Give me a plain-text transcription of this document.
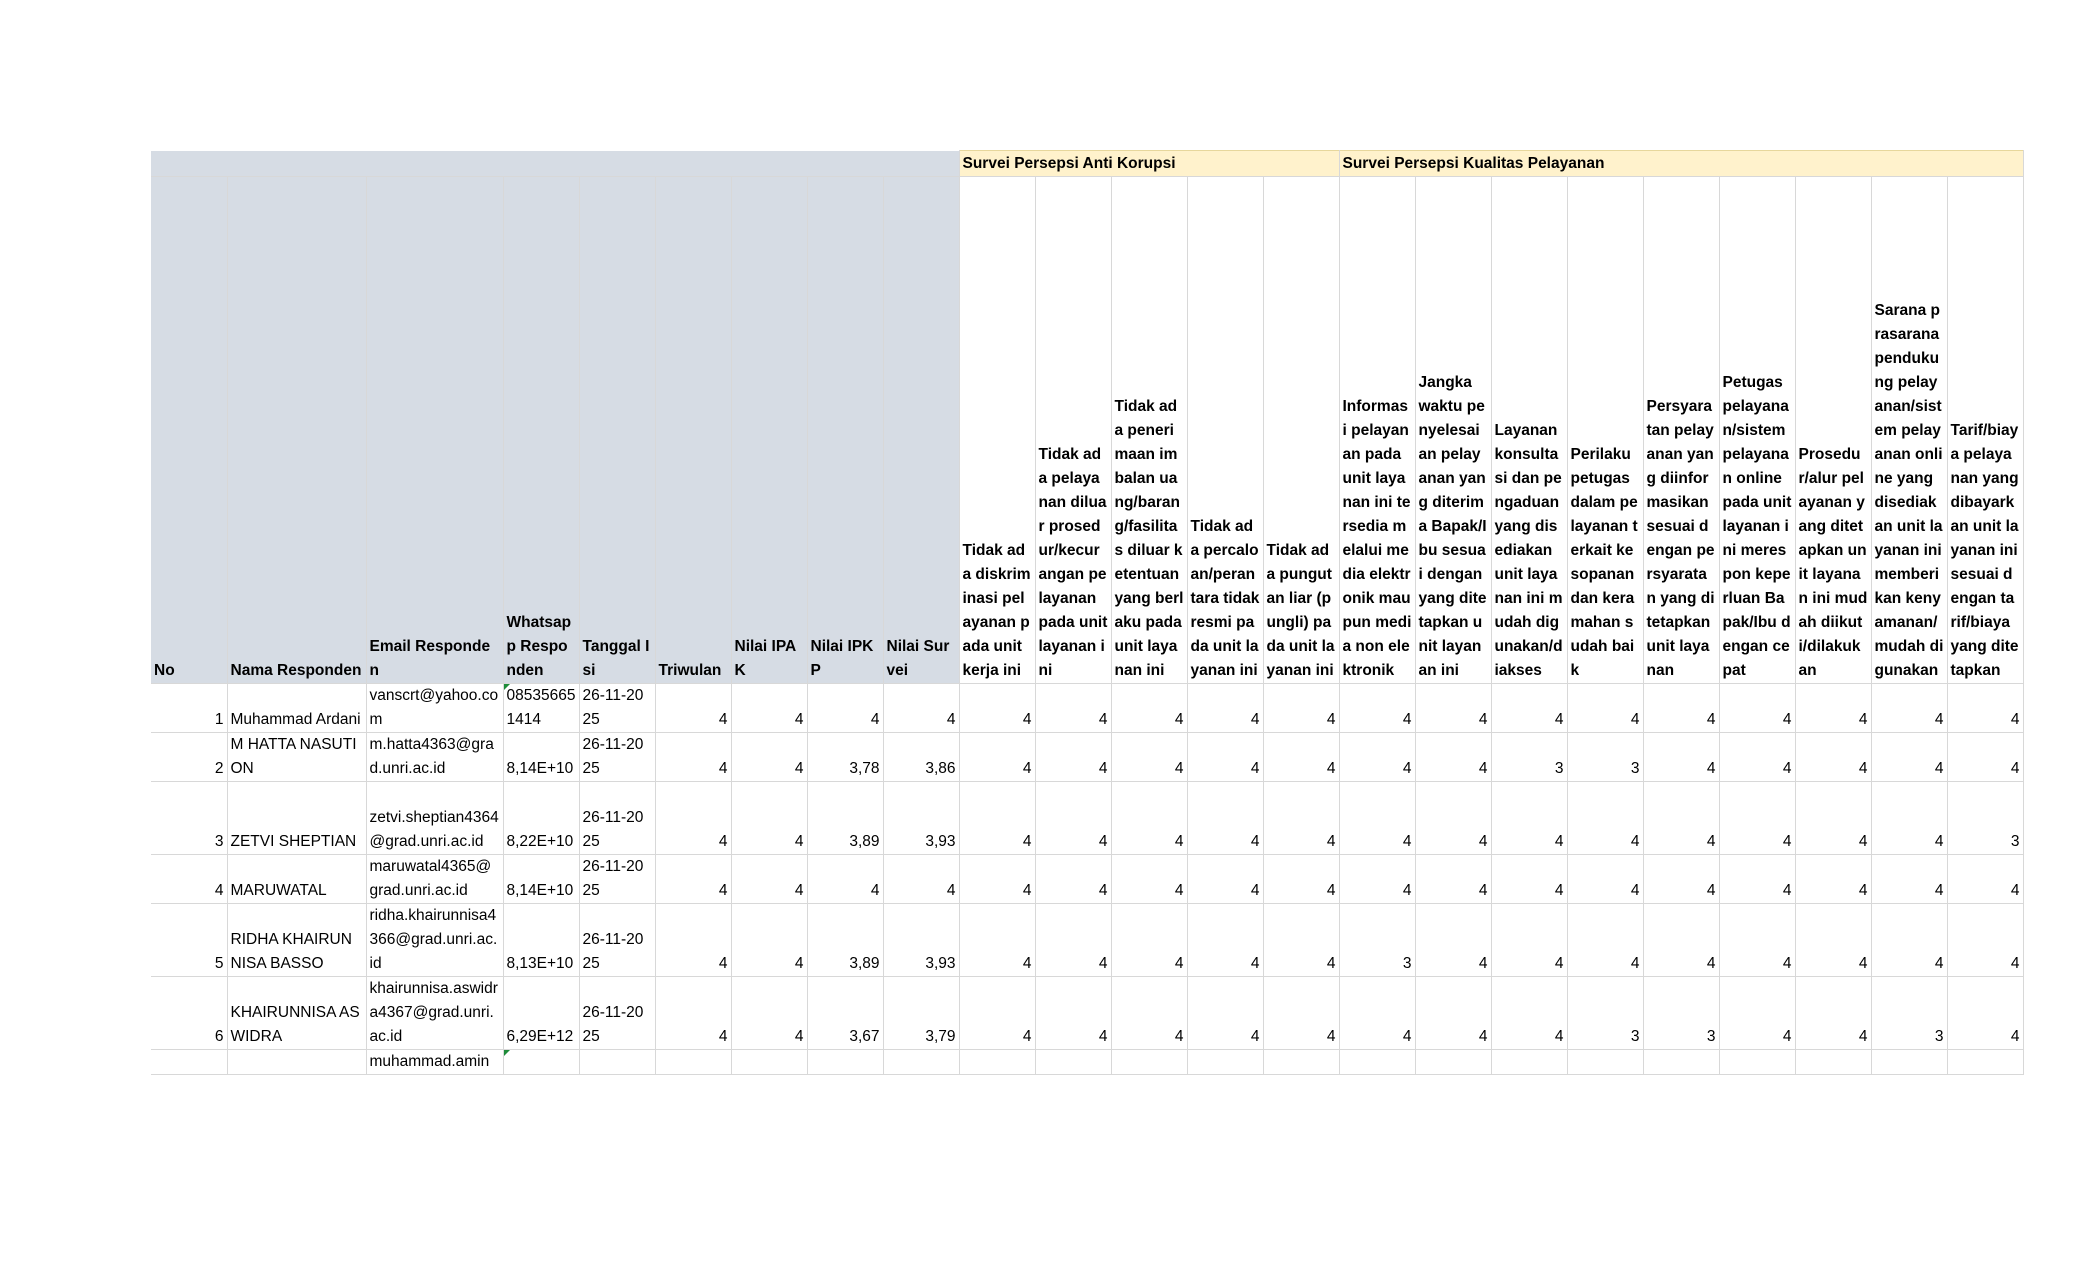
									Survei Persepsi Anti Korupsi					Survei Persepsi Kualitas Pelayanan								
No	Nama Responden	Email Responden	Whatsapp Responden	Tanggal Isi	Triwulan	Nilai IPAK	Nilai IPKP	Nilai Survei	Tidak ada diskriminasi pelayanan pada unit kerja ini	Tidak ada pelayanan diluar prosedur/kecurangan pelayanan pada unit layanan ini	Tidak ada penerimaan imbalan uang/barang/fasilitas diluar ketentuan yang berlaku pada unit layanan ini	Tidak ada percaloan/perantara tidak resmi pada unit layanan ini	Tidak ada pungutan liar (pungli) pada unit layanan ini	Informasi pelayanan pada unit layanan ini tersedia melalui media elektronik maupun media non elektronik	Jangka waktu penyelesaian pelayanan yang diterima Bapak/Ibu sesuai dengan yang ditetapkan unit layanan ini	Layanan konsultasi dan pengaduan yang disediakan unit layanan ini mudah digunakan/diakses	Perilaku petugas dalam pelayanan terkait kesopanan dan keramahan sudah baik	Persyaratan pelayanan yang diinformasikan sesuai dengan persyaratan yang ditetapkan unit layanan	Petugas pelayanan/sistem pelayanan online pada unit layanan ini merespon keperluan Bapak/Ibu dengan cepat	Prosedur/alur pelayanan yang ditetapkan unit layanan ini mudah diikuti/dilakukan	Sarana prasarana pendukung pelayanan/sistem pelayanan online yang disediakan unit layanan ini memberikan kenyamanan/mudah digunakan	Tarif/biaya pelayanan yang dibayarkan unit layanan ini sesuai dengan tarif/biaya yang ditetapkan
1	Muhammad Ardani	vanscrt@yahoo.com	085356651414	26-11-2025	4	4	4	4	4	4	4	4	4	4	4	4	4	4	4	4	4	4
2	M HATTA NASUTION	m.hatta4363@grad.unri.ac.id	8,14E+10	26-11-2025	4	4	3,78	3,86	4	4	4	4	4	4	4	3	3	4	4	4	4	4
3	ZETVI SHEPTIAN	zetvi.sheptian4364@grad.unri.ac.id	8,22E+10	26-11-2025	4	4	3,89	3,93	4	4	4	4	4	4	4	4	4	4	4	4	4	3
4	MARUWATAL	maruwatal4365@grad.unri.ac.id	8,14E+10	26-11-2025	4	4	4	4	4	4	4	4	4	4	4	4	4	4	4	4	4	4
5	RIDHA KHAIRUNNISA BASSO	ridha.khairunnisa4366@grad.unri.ac.id	8,13E+10	26-11-2025	4	4	3,89	3,93	4	4	4	4	4	3	4	4	4	4	4	4	4	4
6	KHAIRUNNISA ASWIDRA	khairunnisa.aswidra4367@grad.unri.ac.id	6,29E+12	26-11-2025	4	4	3,67	3,79	4	4	4	4	4	4	4	4	3	3	4	4	3	4
		muhammad.amin																				
